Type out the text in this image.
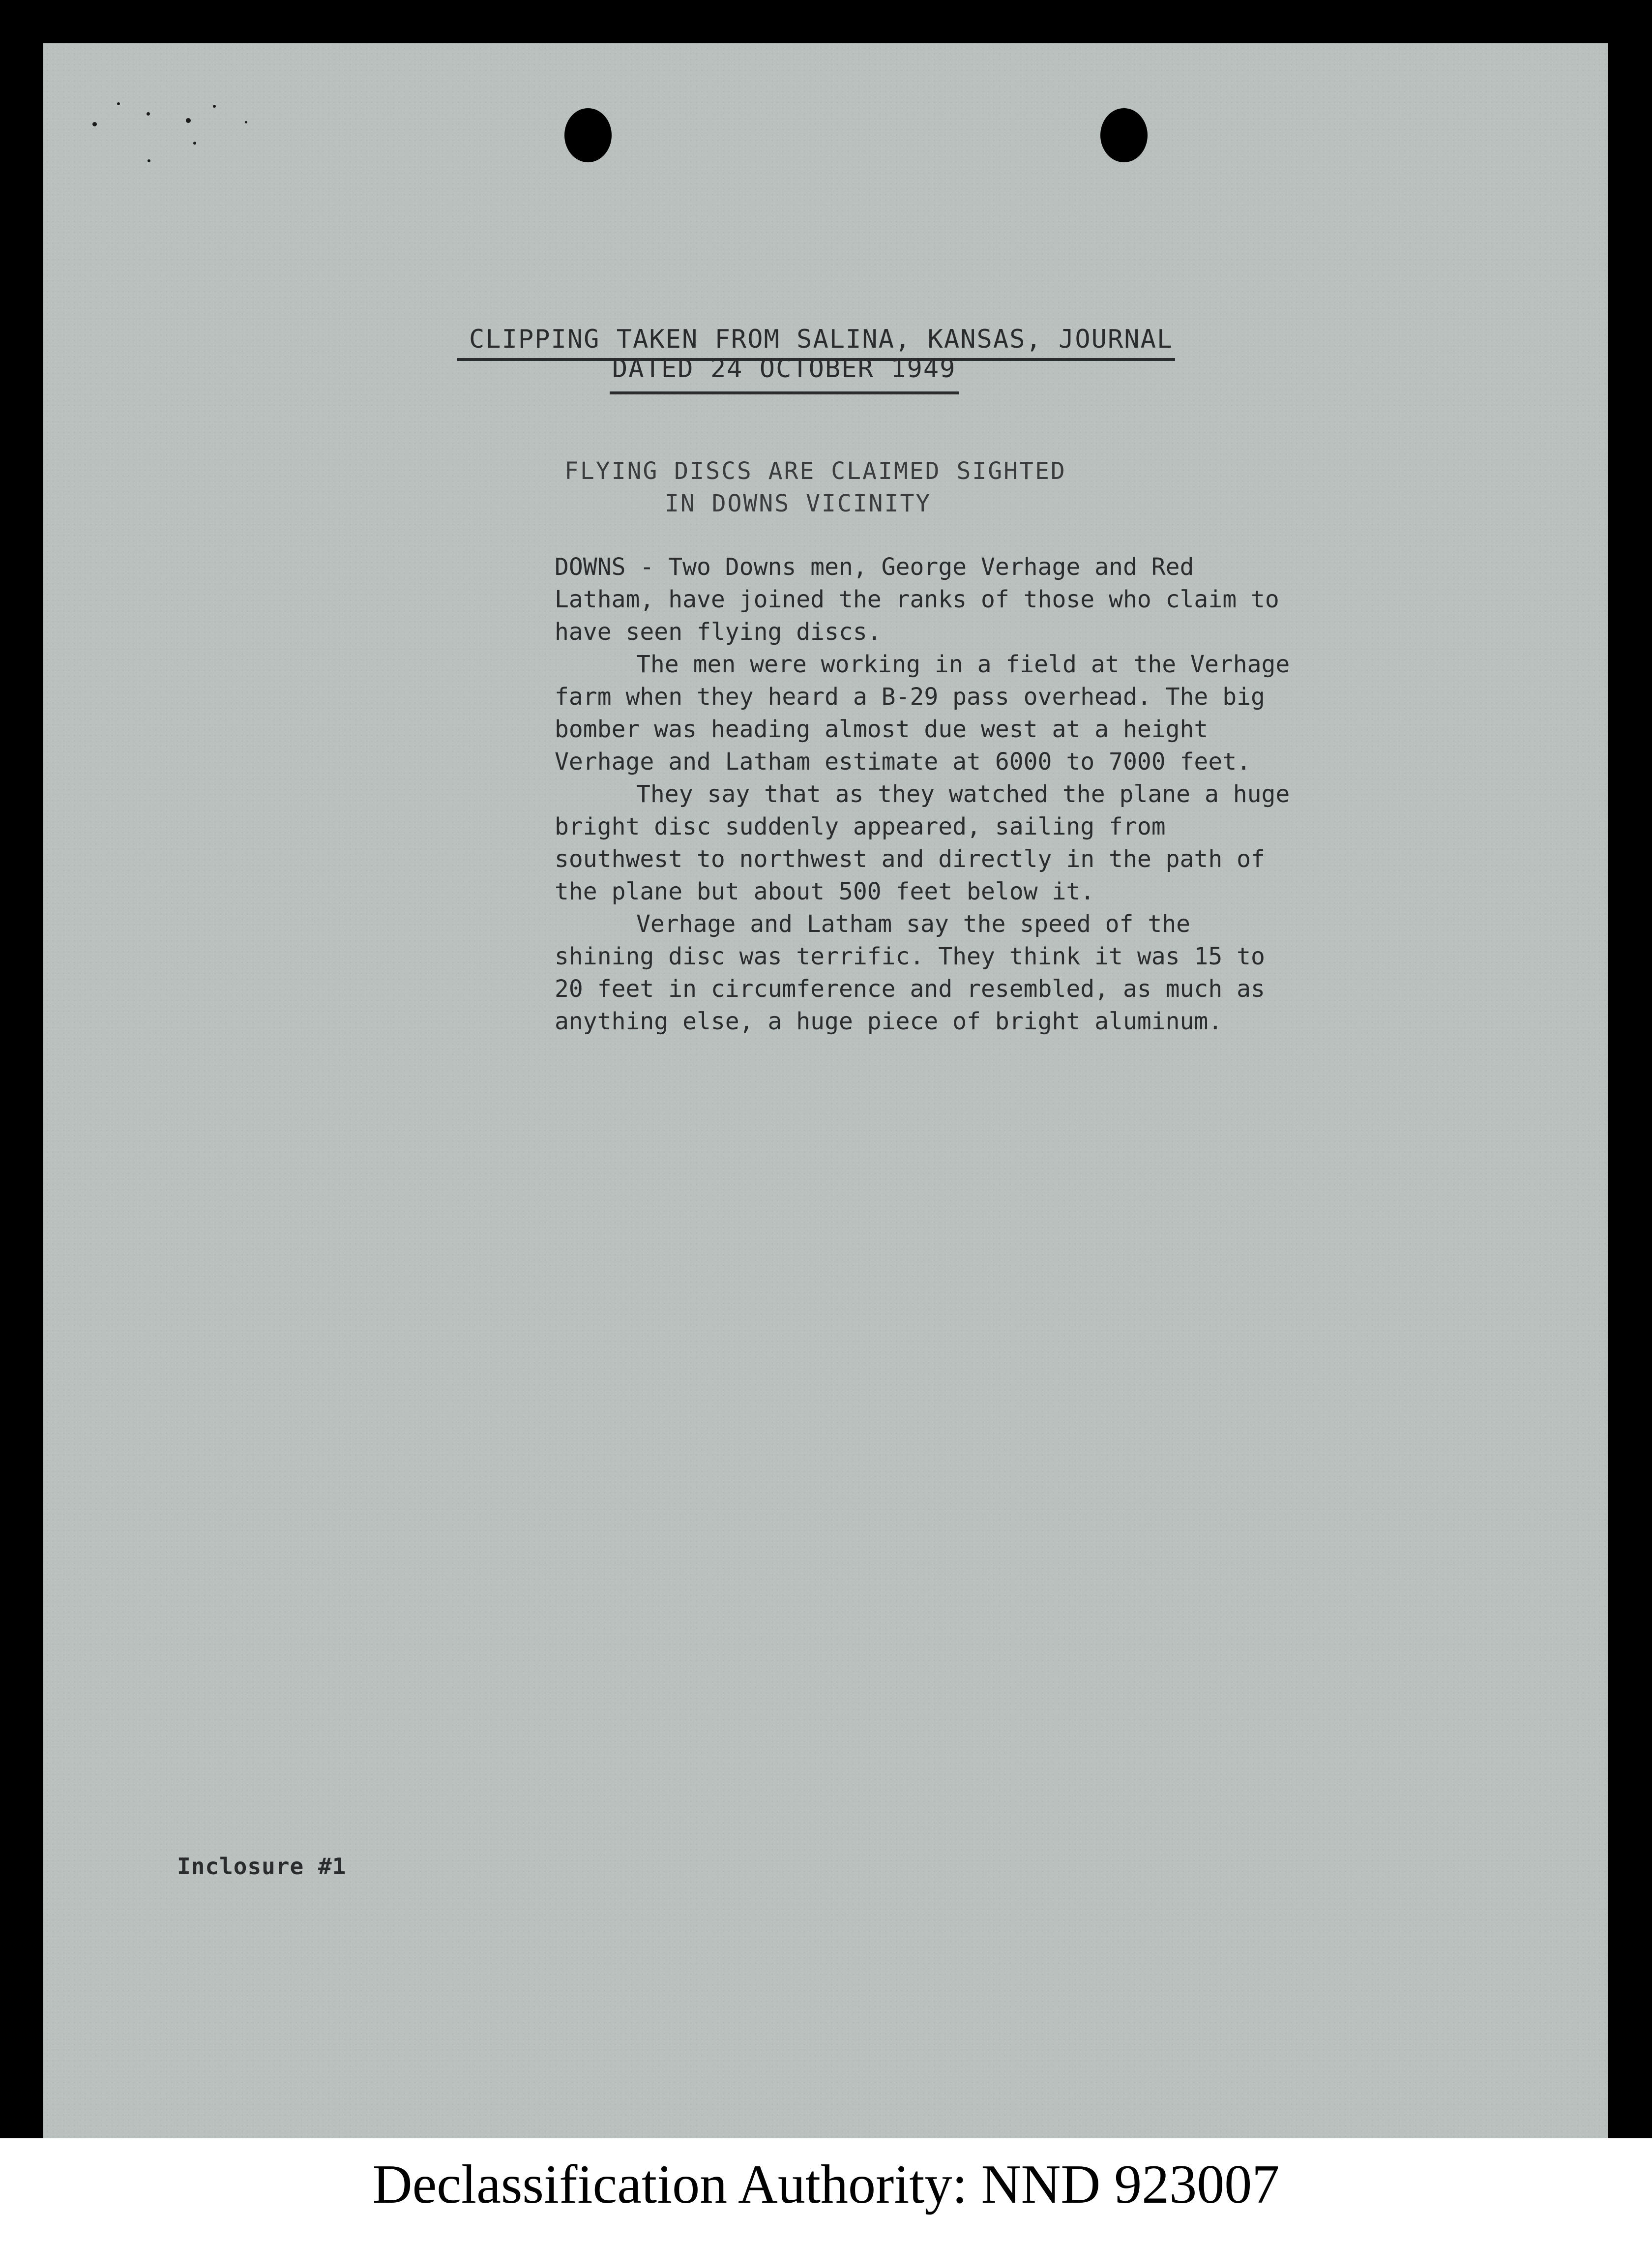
CLIPPING TAKEN FROM SALINA, KANSAS, JOURNAL
DATED 24 OCTOBER 1949
FLYING DISCS ARE CLAIMED SIGHTED
IN DOWNS VICINITY

DOWNS - Two Downs men, George Verhage and Red Latham, have joined the ranks of those who claim to have seen flying discs.

The men were working in a field at the Verhage farm when they heard a B-29 pass overhead. The big bomber was heading almost due west at a height Verhage and Latham estimate at 6000 to 7000 feet.

They say that as they watched the plane a huge bright disc suddenly appeared, sailing from southwest to northwest and directly in the path of the plane but about 500 feet below it.

Verhage and Latham say the speed of the shining disc was terrific. They think it was 15 to 20 feet in circumference and resembled, as much as anything else, a huge piece of bright aluminum.

Inclosure #1
Declassification Authority: NND 923007
